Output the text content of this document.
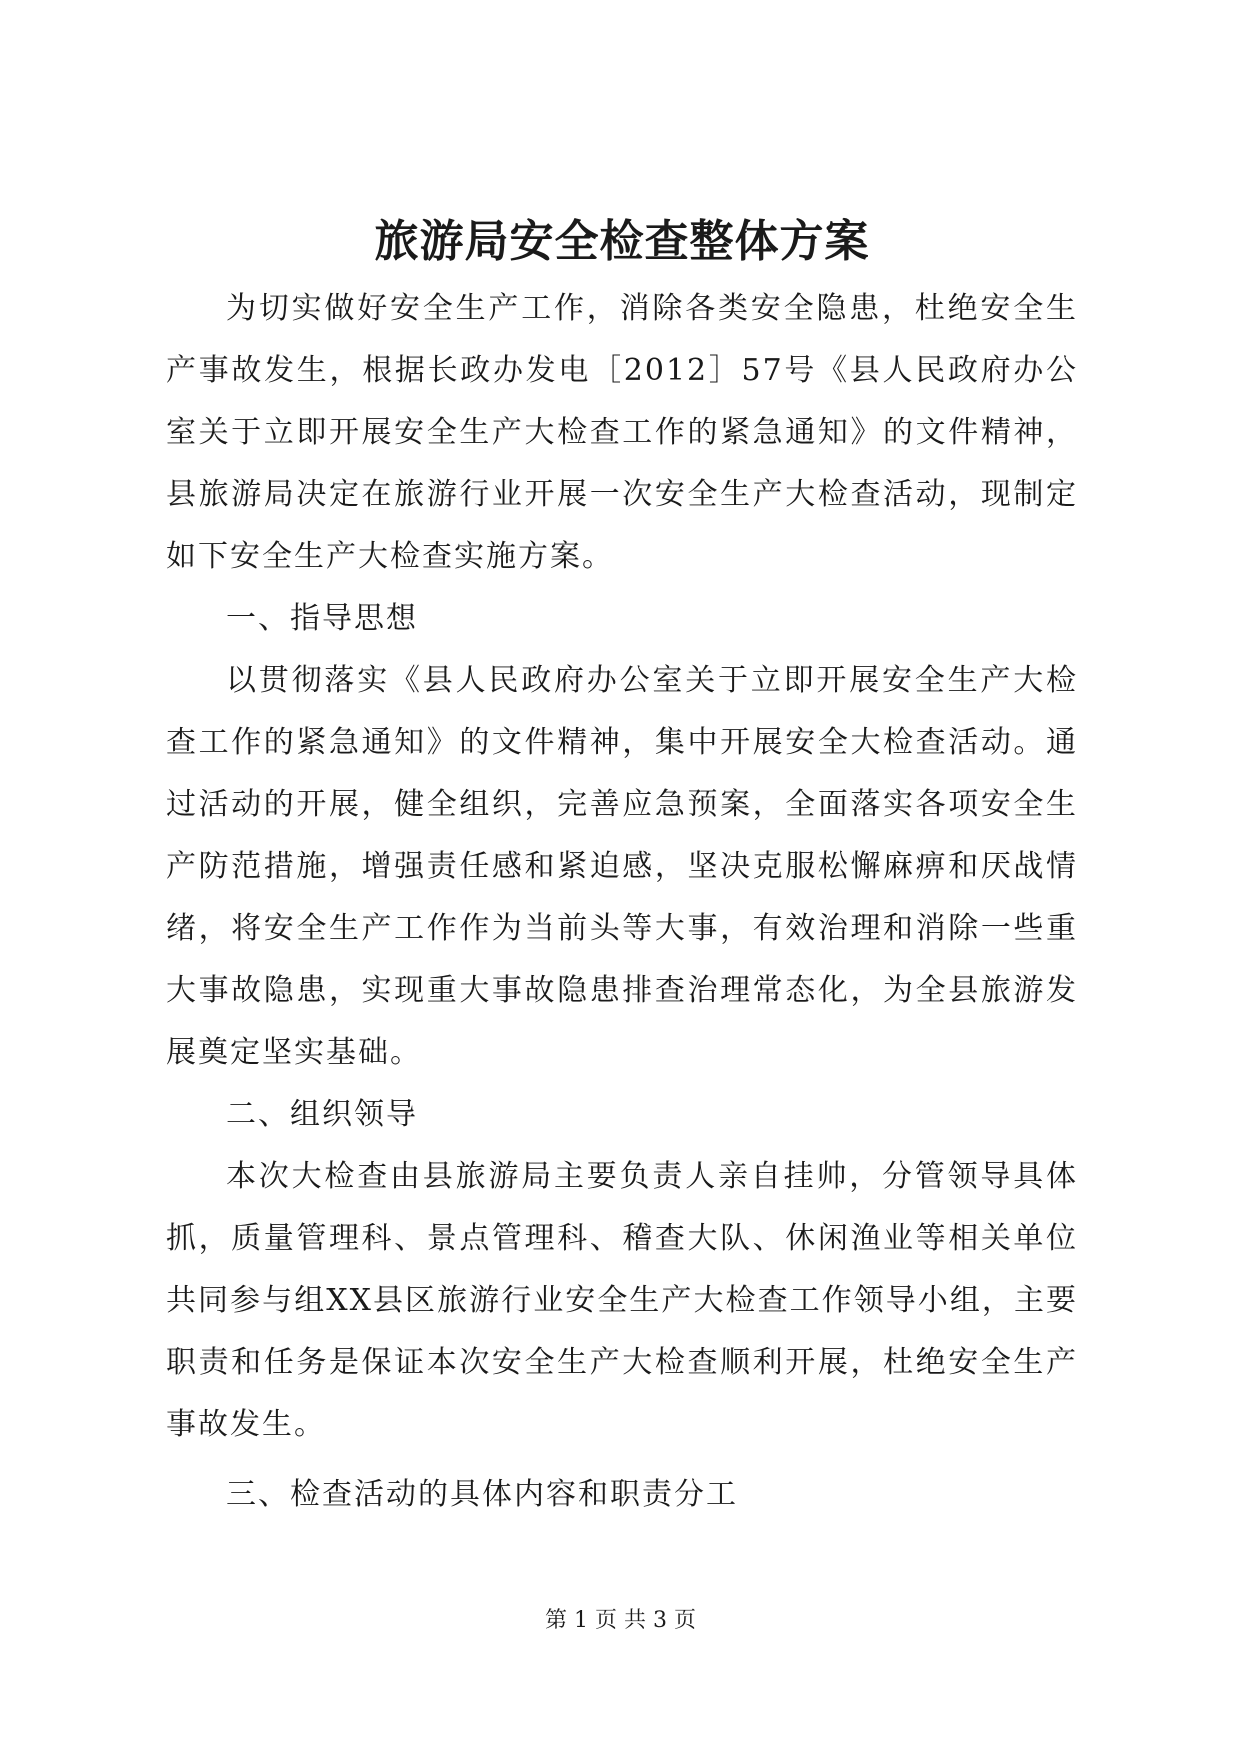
旅游局安全检查整体方案

为切实做好安全生产工作，消除各类安全隐患，杜绝安全生产事故发生，根据长政办发电［2012］57号《县人民政府办公室关于立即开展安全生产大检查工作的紧急通知》的文件精神，县旅游局决定在旅游行业开展一次安全生产大检查活动，现制定如下安全生产大检查实施方案。

一、指导思想

以贯彻落实《县人民政府办公室关于立即开展安全生产大检查工作的紧急通知》的文件精神，集中开展安全大检查活动。通过活动的开展，健全组织，完善应急预案，全面落实各项安全生产防范措施，增强责任感和紧迫感，坚决克服松懈麻痹和厌战情绪，将安全生产工作作为当前头等大事，有效治理和消除一些重大事故隐患，实现重大事故隐患排查治理常态化，为全县旅游发展奠定坚实基础。

二、组织领导

本次大检查由县旅游局主要负责人亲自挂帅，分管领导具体抓，质量管理科、景点管理科、稽查大队、休闲渔业等相关单位共同参与组XX县区旅游行业安全生产大检查工作领导小组，主要职责和任务是保证本次安全生产大检查顺利开展，杜绝安全生产事故发生。

三、检查活动的具体内容和职责分工

第 1 页 共 3 页
